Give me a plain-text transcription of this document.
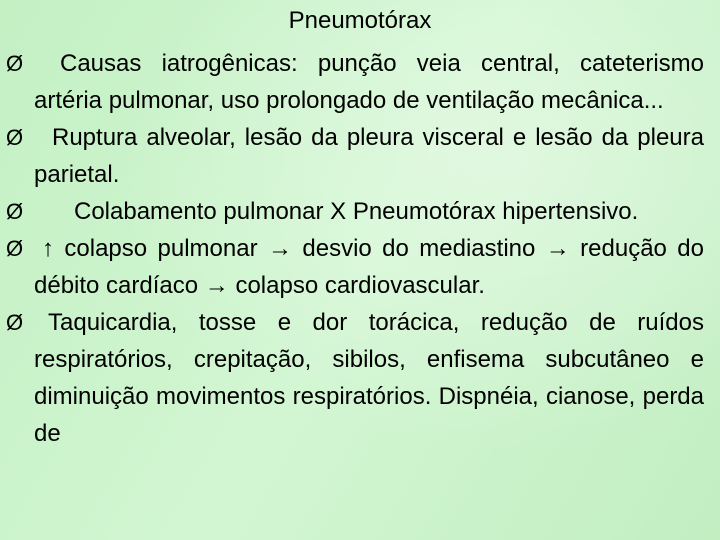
Pneumotórax
Ø	Causas iatrogênicas: punção veia central, cateterismo artéria pulmonar, uso prolongado de ventilação mecânica...
Ø	Ruptura alveolar, lesão da pleura visceral e lesão da pleura parietal.
Ø	Colabamento pulmonar X Pneumotórax hipertensivo.
Ø ↑ colapso pulmonar → desvio do mediastino → redução do débito cardíaco → colapso cardiovascular.
Ø	Taquicardia, tosse e dor torácica, redução de ruídos respiratórios, crepitação, sibilos, enfisema subcutâneo e diminuição movimentos respiratórios. Dispnéia, cianose, perda de
